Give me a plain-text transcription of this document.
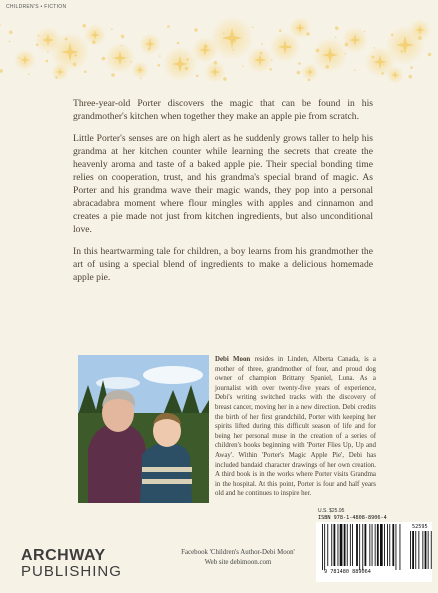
CHILDREN'S • FICTION

Three-year-old Porter discovers the magic that can be found in his grandmother's kitchen when together they make an apple pie from scratch.

Little Porter's senses are on high alert as he suddenly grows taller to help his grandma at her kitchen counter while learning the secrets that create the heavenly aroma and taste of a baked apple pie. Their special bonding time relies on cooperation, trust, and his grandma's special brand of magic. As Porter and his grandma wave their magic wands, they pop into a personal abracadabra moment where flour mingles with apples and cinnamon and creates a pie made not just from kitchen ingredients, but also unconditional love.

In this heartwarming tale for children, a boy learns from his grandmother the art of using a special blend of ingredients to make a delicious homemade apple pie.

Debi Moon resides in Linden, Alberta Canada, is a mother of three, grandmother of four, and proud dog owner of champion Brittany Spaniel, Luna. As a journalist with over twenty-five years of experience, Debi's writing switched tracks with the discovery of breast cancer, moving her in a new direction. Debi credits the birth of her first grandchild, Porter with keeping her spirits lifted during this difficult season of life and for being her personal muse in the creation of a series of children's books beginning with 'Porter Flies Up, Up and Away'. Within 'Porter's Magic Apple Pie', Debi has included bandaid character drawings of her own creation. A third book is in the works where Porter visits Grandma in the hospital. At this point, Porter is four and half years old and he continues to inspire her.
ARCHWAY
PUBLISHING
Facebook 'Children's Author-Debi Moon'
Web site debimoon.com
U.S. $25.95
ISBN 978-1-4808-8906-4
52595
9 781480 889064
